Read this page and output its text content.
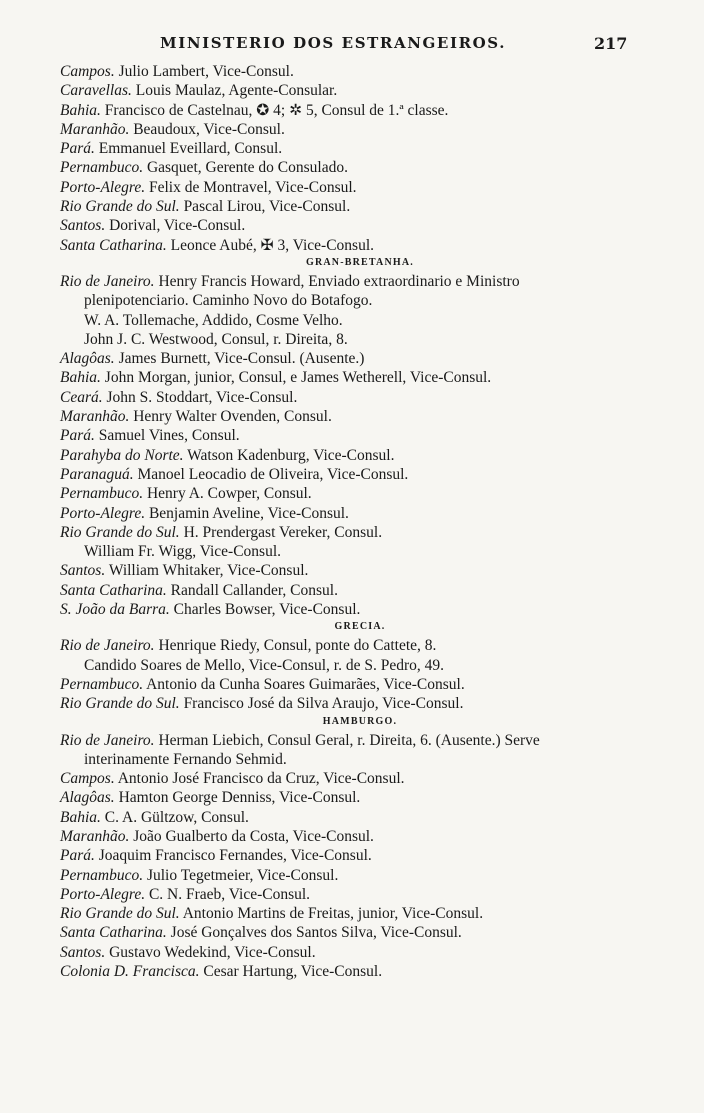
MINISTERIO DOS ESTRANGEIROS.	217
Campos. Julio Lambert, Vice-Consul.
Caravellas. Louis Maulaz, Agente-Consular.
Bahia. Francisco de Castelnau, ✪ 4; ✲ 5, Consul de 1.ª classe.
Maranhão. Beaudoux, Vice-Consul.
Pará. Emmanuel Eveillard, Consul.
Pernambuco. Gasquet, Gerente do Consulado.
Porto-Alegre. Felix de Montravel, Vice-Consul.
Rio Grande do Sul. Pascal Lirou, Vice-Consul.
Santos. Dorival, Vice-Consul.
Santa Catharina. Leonce Aubé, ✠ 3, Vice-Consul.
GRAN-BRETANHA.
Rio de Janeiro. Henry Francis Howard, Enviado extraordinario e Ministro plenipotenciario. Caminho Novo do Botafogo.
W. A. Tollemache, Addido, Cosme Velho.
John J. C. Westwood, Consul, r. Direita, 8.
Alagôas. James Burnett, Vice-Consul. (Ausente.)
Bahia. John Morgan, junior, Consul, e James Wetherell, Vice-Consul.
Ceará. John S. Stoddart, Vice-Consul.
Maranhão. Henry Walter Ovenden, Consul.
Pará. Samuel Vines, Consul.
Parahyba do Norte. Watson Kadenburg, Vice-Consul.
Paranaguá. Manoel Leocadio de Oliveira, Vice-Consul.
Pernambuco. Henry A. Cowper, Consul.
Porto-Alegre. Benjamin Aveline, Vice-Consul.
Rio Grande do Sul. H. Prendergast Vereker, Consul.
William Fr. Wigg, Vice-Consul.
Santos. William Whitaker, Vice-Consul.
Santa Catharina. Randall Callander, Consul.
S. João da Barra. Charles Bowser, Vice-Consul.
GRECIA.
Rio de Janeiro. Henrique Riedy, Consul, ponte do Cattete, 8.
Candido Soares de Mello, Vice-Consul, r. de S. Pedro, 49.
Pernambuco. Antonio da Cunha Soares Guimarães, Vice-Consul.
Rio Grande do Sul. Francisco José da Silva Araujo, Vice-Consul.
HAMBURGO.
Rio de Janeiro. Herman Liebich, Consul Geral, r. Direita, 6. (Ausente.) Serve interinamente Fernando Sehmid.
Campos. Antonio José Francisco da Cruz, Vice-Consul.
Alagôas. Hamton George Denniss, Vice-Consul.
Bahia. C. A. Gültzow, Consul.
Maranhão. João Gualberto da Costa, Vice-Consul.
Pará. Joaquim Francisco Fernandes, Vice-Consul.
Pernambuco. Julio Tegetmeier, Vice-Consul.
Porto-Alegre. C. N. Fraeb, Vice-Consul.
Rio Grande do Sul. Antonio Martins de Freitas, junior, Vice-Consul.
Santa Catharina. José Gonçalves dos Santos Silva, Vice-Consul.
Santos. Gustavo Wedekind, Vice-Consul.
Colonia D. Francisca. Cesar Hartung, Vice-Consul.
